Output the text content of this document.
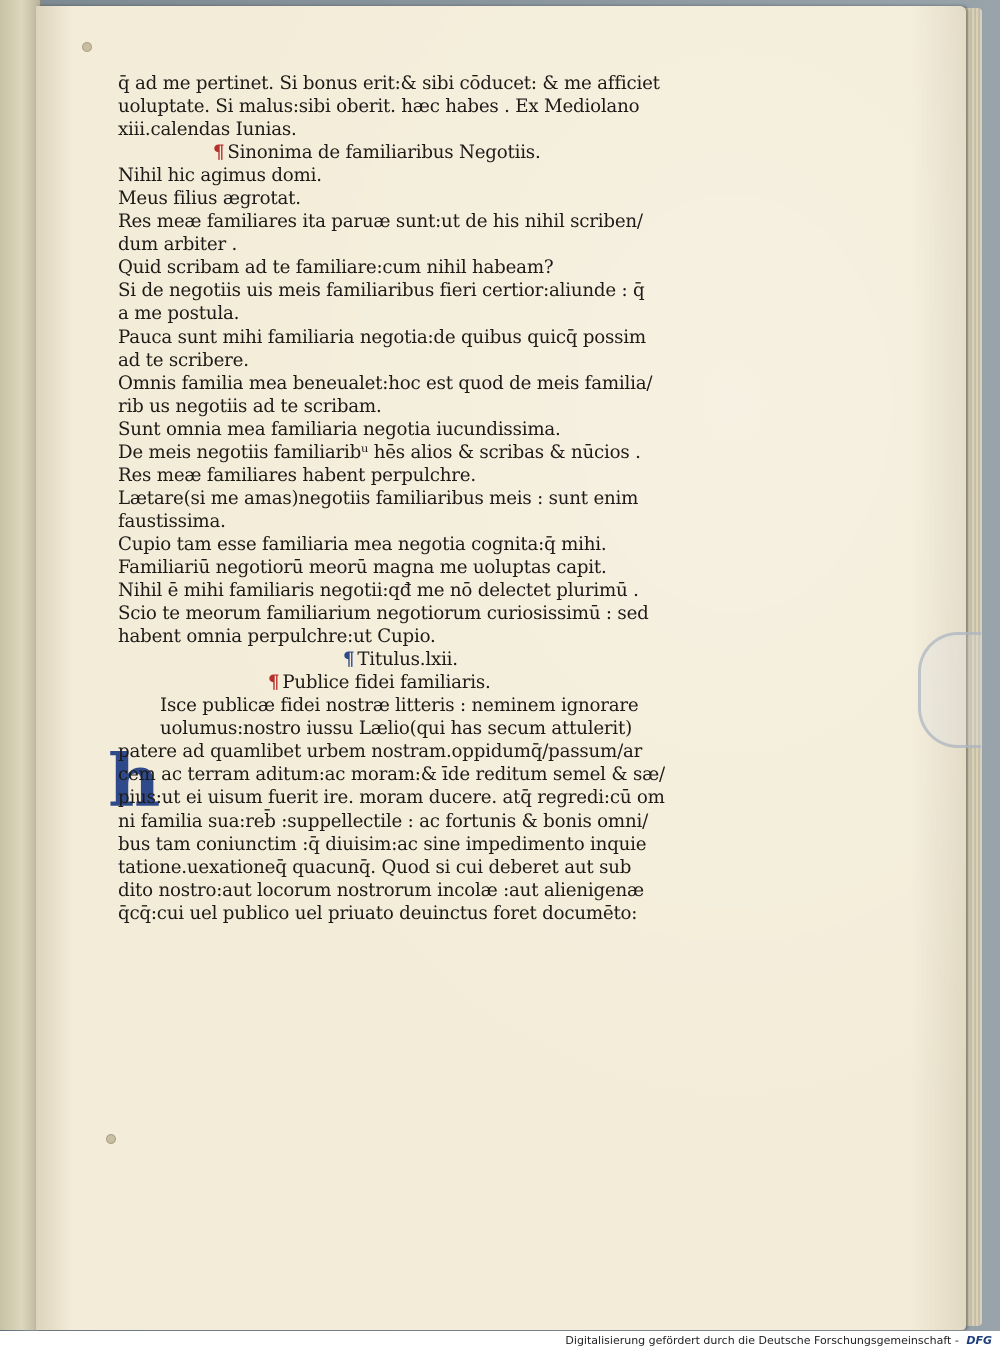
h
q̄ ad me pertinet. Si bonus erit:& sibi cōducet: & me afficiet
uoluptate. Si malus:sibi oberit. hæc habes . Ex Mediolano
xiii.calendas Iunias.
¶ Sinonima de familiaribus Negotiis.
Nihil hic agimus domi.
Meus filius ægrotat.
Res meæ familiares ita paruæ sunt:ut de his nihil scriben/
dum arbiter .
Quid scribam ad te familiare:cum nihil habeam?
Si de negotiis uis meis familiaribus fieri certior:aliunde : q̄
a me postula.
Pauca sunt mihi familiaria negotia:de quibus quicq̄ possim
ad te scribere.
Omnis familia mea beneualet:hoc est quod de meis familia/
rib us negotiis ad te scribam.
Sunt omnia mea familiaria negotia iucundissima.
De meis negotiis familiaribᵘ hēs alios & scribas & nūcios .
Res meæ familiares habent perpulchre.
Lætare(si me amas)negotiis familiaribus meis : sunt enim
faustissima.
Cupio tam esse familiaria mea negotia cognita:q̄ mihi.
Familiariū negotiorū meorū magna me uoluptas capit.
Nihil ē mihi familiaris negotii:qđ me nō delectet plurimū .
Scio te meorum familiarium negotiorum curiosissimū : sed
habent omnia perpulchre:ut Cupio.
¶ Titulus.lxii.
¶ Publice fidei familiaris.
Isce publicæ fidei nostræ litteris : neminem ignorare
uolumus:nostro iussu Lælio(qui has secum attulerit)
patere ad quamlibet urbem nostram.oppidumq̄/passum/ar
cem ac terram aditum:ac moram:& īde reditum semel & sæ/
pius:ut ei uisum fuerit ire. moram ducere. atq̄ regredi:cū om
ni familia sua:reb̄ :suppellectile : ac fortunis & bonis omni/
bus tam coniunctim :q̄ diuisim:ac sine impedimento inquie
tatione.uexationeq̄ quacunq̄. Quod si cui deberet aut sub
dito nostro:aut locorum nostrorum incolæ :aut alienigenæ
q̄cq̄:cui uel publico uel priuato deuinctus foret documēto:
Digitalisierung gefördert durch die Deutsche Forschungsgemeinschaft - DFG
